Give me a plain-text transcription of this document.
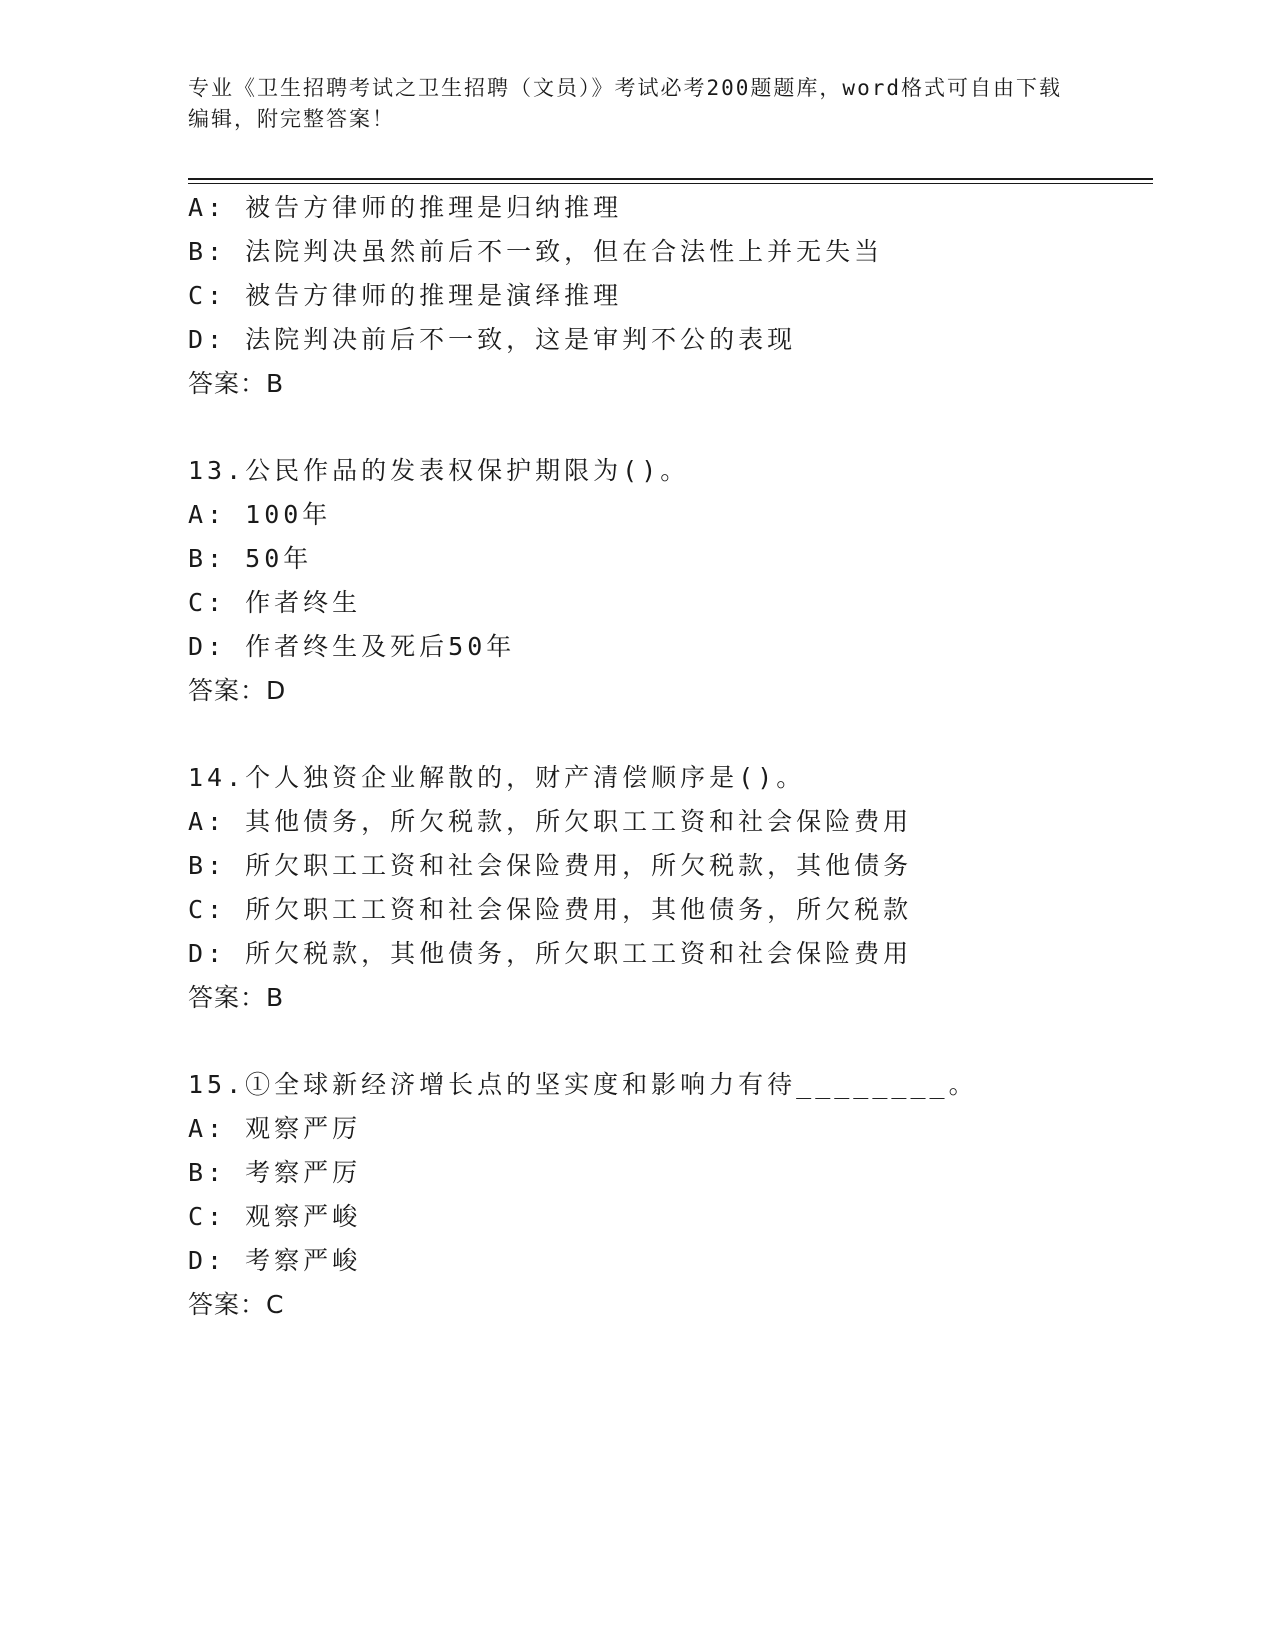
专业《卫生招聘考试之卫生招聘（文员）》考试必考200题题库，word格式可自由下载编辑，附完整答案！
A: 被告方律师的推理是归纳推理
B: 法院判决虽然前后不一致，但在合法性上并无失当
C: 被告方律师的推理是演绎推理
D: 法院判决前后不一致，这是审判不公的表现
答案：B
13.公民作品的发表权保护期限为()。
A: 100年
B: 50年
C: 作者终生
D: 作者终生及死后50年
答案：D
14.个人独资企业解散的，财产清偿顺序是()。
A: 其他债务，所欠税款，所欠职工工资和社会保险费用
B: 所欠职工工资和社会保险费用，所欠税款，其他债务
C: 所欠职工工资和社会保险费用，其他债务，所欠税款
D: 所欠税款，其他债务，所欠职工工资和社会保险费用
答案：B
15.①全球新经济增长点的坚实度和影响力有待________。
A: 观察严厉
B: 考察严厉
C: 观察严峻
D: 考察严峻
答案：C
